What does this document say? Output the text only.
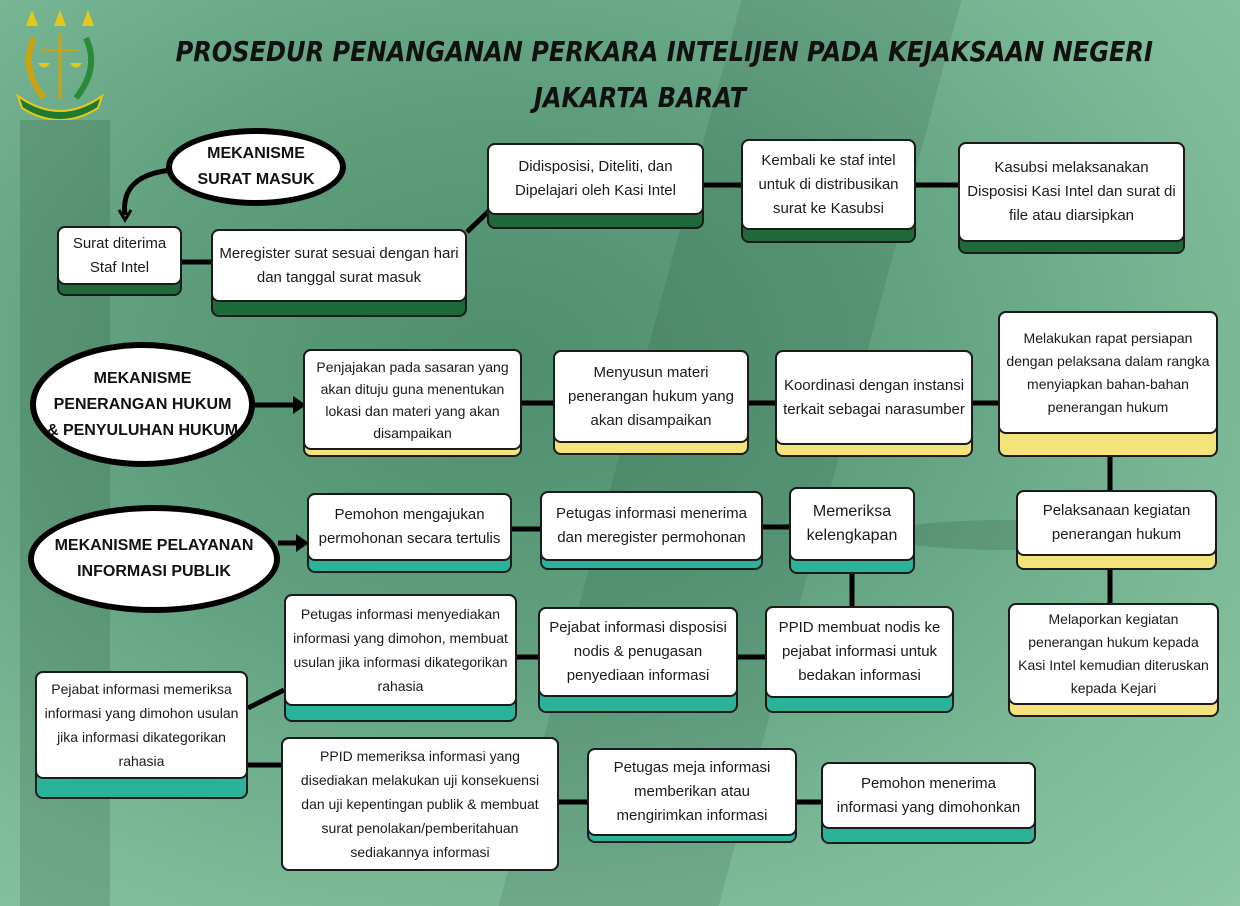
PROSEDUR PENANGANAN PERKARA INTELIJEN PADA KEJAKSAAN NEGERI
JAKARTA BARAT
MEKANISME SURAT MASUK
MEKANISME PENERANGAN HUKUM & PENYULUHAN HUKUM
MEKANISME PELAYANAN INFORMASI PUBLIK
Surat diterima Staf Intel
Meregister surat sesuai dengan hari dan tanggal surat masuk
Didisposisi, Diteliti, dan Dipelajari oleh Kasi Intel
Kembali ke staf intel untuk di distribusikan surat ke Kasubsi
Kasubsi melaksanakan Disposisi Kasi Intel dan surat di file atau diarsipkan
Penjajakan pada sasaran yang akan dituju guna menentukan lokasi dan materi yang akan disampaikan
Menyusun materi penerangan hukum yang akan disampaikan
Koordinasi dengan instansi terkait sebagai narasumber
Melakukan rapat persiapan dengan pelaksana dalam rangka menyiapkan bahan-bahan penerangan hukum
Pelaksanaan kegiatan penerangan hukum
Melaporkan kegiatan penerangan hukum kepada Kasi Intel kemudian diteruskan kepada Kejari
Pemohon mengajukan permohonan secara tertulis
Petugas informasi menerima dan meregister permohonan
Memeriksa kelengkapan
PPID membuat nodis ke pejabat informasi untuk bedakan informasi
Pejabat informasi disposisi nodis & penugasan penyediaan informasi
Petugas informasi menyediakan informasi yang dimohon, membuat usulan jika informasi dikategorikan rahasia
Pejabat informasi memeriksa informasi yang dimohon usulan jika informasi dikategorikan rahasia	PPID memeriksa informasi yang disediakan melakukan uji konsekuensi dan uji kepentingan publik & membuat surat penolakan/pemberitahuan sediakannya informasi
Petugas meja informasi memberikan atau mengirimkan informasi
Pemohon menerima informasi yang dimohonkan
